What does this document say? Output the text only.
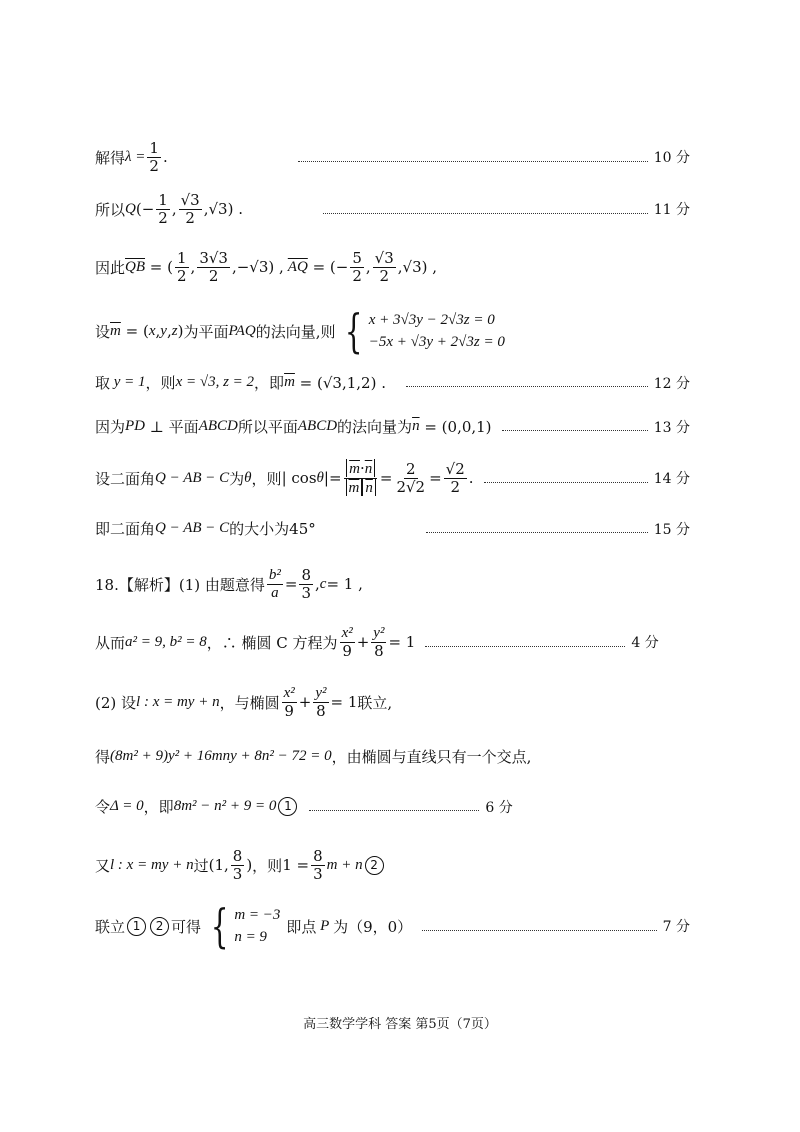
解得 $\lambda = \frac{1}{2}$ .	10 分
所以 Q (− $\frac{1}{2}$ , $\frac{√3}{2} ,√3$) .	11 分
因此 $\overline{QB}$ = ( $\frac{1}{2}$ , $\frac{3√3}{2} ,-√3$) , $\overline{AQ}$ = (− $\frac{5}{2}$ , $\frac{√3}{2} ,√3$) ,
设 $\overline{m}$ = ( x , y , z ) 为平面 PAQ 的法向量,则 { x + 3√3y − 2√3z = 0
−5x + √3y + 2√3z = 0
取 y = 1 ，则 x = √3, z = 2 ，即 $\overline{m} = (√3,1,2)$ .	12 分
因为 PD ⊥ 平面 ABCD 所以平面 ABCD 的法向量为 $\overline{n} = (0,0,1)$	13 分
设二面角 Q − AB − C 为 θ ，则 | cos θ |= $\frac{\overline{m}\cdot\overline{n}}{\overline{m} \overline{n}} = \frac{2}{2√2} = \frac{√2}{2}$ .	14 分
即二面角 Q − AB − C 的大小为 45°	15 分
18.【解析】(1) 由题意得 $\frac{\text{b²}}{a} = \frac{8}{3}$ , c = 1 ,
从而 a² = 9, b² = 8 ，∴ 椭圆 C 方程为 $\frac{\text{x²}}{9} + \frac{\text{y²}}{8} = 1$	4 分
(2) 设 l : x = my + n ，与椭圆 $\frac{\text{x²}}{9} + \frac{\text{y²}}{8} = 1$ 联立,
得 (8m² + 9)y² + 16mny + 8n² − 72 = 0 ，由椭圆与直线只有一个交点,
令 Δ = 0 ，即 8m² − n² + 9 = 0 1	6 分
又 l : x = my + n 过 (1, $\frac{8}{3}$ ) ，则 $1 = \frac{8}{3}$ m + n 2
联立 1	2 可得 { m = −3
n = 9
即点 P 为（9，0）	7 分
高三数学学科 答案 第5页（7页）
